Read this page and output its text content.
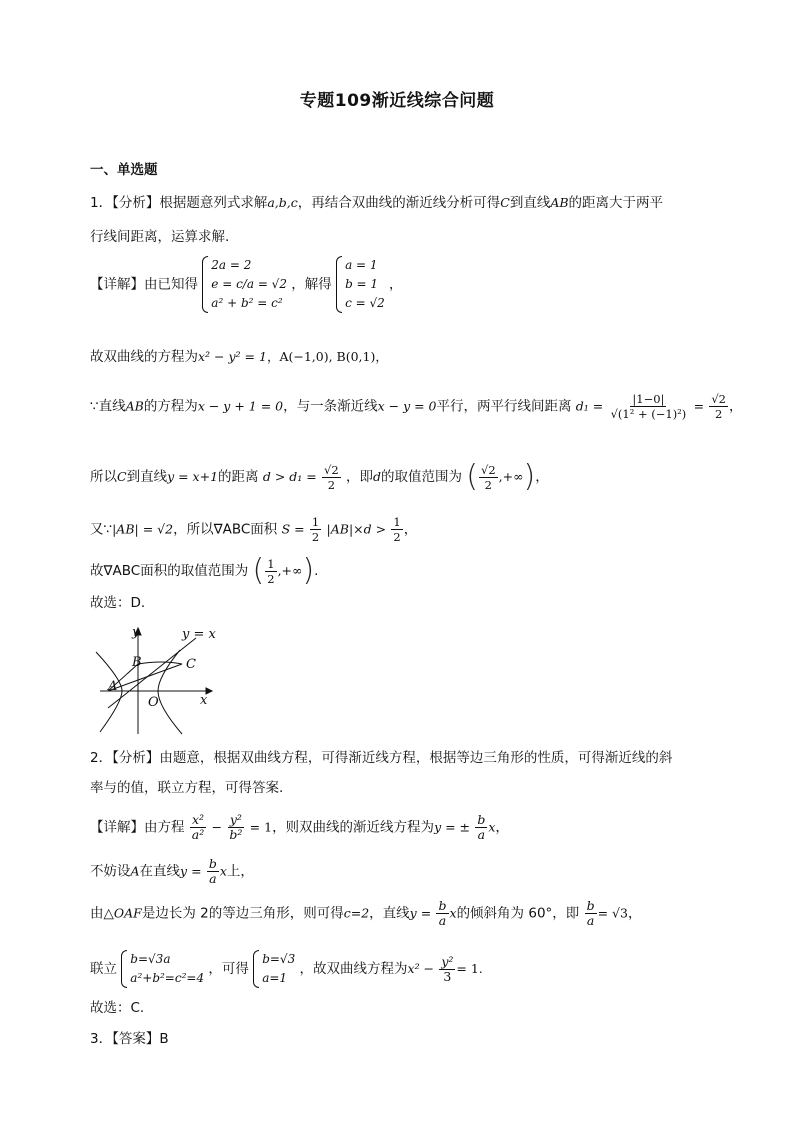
专题109渐近线综合问题
一、单选题
1．【分析】根据题意列式求解a,b,c，再结合双曲线的渐近线分析可得C到直线AB的距离大于两平
行线间距离，运算求解.
【详解】由已知得
2a = 2
e = c/a = √2
a² + b² = c²
，解得
a = 1
b = 1
c = √2
，
故双曲线的方程为x² − y² = 1，A(−1,0), B(0,1)，
∵直线AB的方程为x − y + 1 = 0，与一条渐近线x − y = 0平行，两平行线间距离 $d_1 = \frac{|1-0|}{\text{√(1² + (−1)²)}} = \frac{√2}{2}$ ，
所以C到直线y = x+1的距离 $d > d_1 = \frac{√2}{2}$ ，即d的取值范围为 ( $\frac{√2}{2}$ ,+∞ ) ，
又∵|AB| = √2，所以∇ABC面积 $S = \frac{1}{2} |AB|\times d > \frac{1}{2}$ ，
故∇ABC面积的取值范围为 ( $\frac{1}{2}$ ,+∞ ) .
故选：D.
y	y = x
B	C
A
O	x
2．【分析】由题意，根据双曲线方程，可得渐近线方程，根据等边三角形的性质，可得渐近线的斜
率与的值，联立方程，可得答案.
【详解】由方程 $\frac{\text{x²}}{\text{a²}} - \frac{\text{y²}}{\text{b²}} = 1$，则双曲线的渐近线方程为y = ± $\frac{b}{a}$ x，
不妨设A在直线$y = \frac{b}{a}$ x上，
由△OAF是边长为 2的等边三角形，则可得c=2，直线$y = \frac{b}{a}$ x的倾斜角为 60°，即 $\frac{b}{a} = √3$，
联立
b=√3a
a²+b²=c²=4
，可得
b=√3
a=1
，故双曲线方程为$x^2 - \frac{\text{y²}}{3} = 1$.
故选：C.
3．【答案】B
